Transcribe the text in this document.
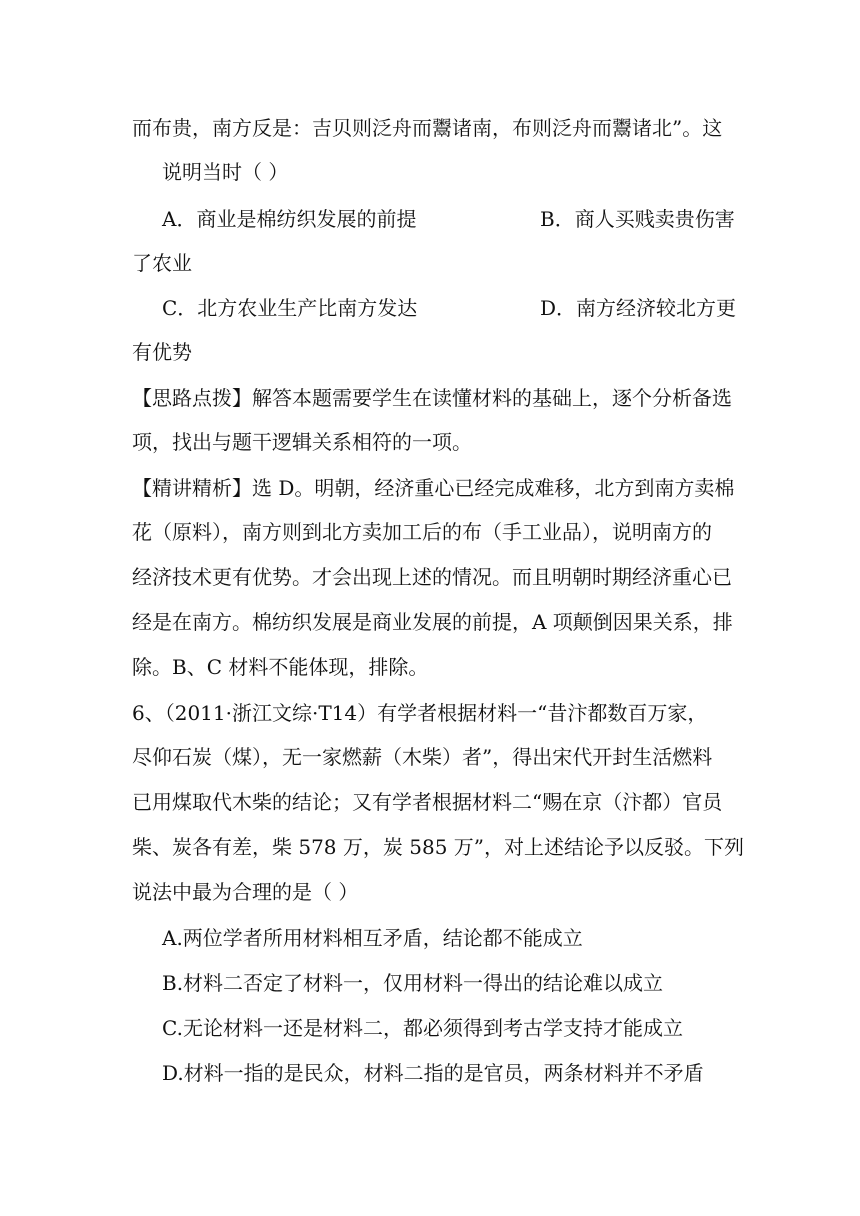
而布贵，南方反是：吉贝则泛舟而鬻诸南，布则泛舟而鬻诸北”。这
说明当时（ ）
A．商业是棉纺织发展的前提	B．商人买贱卖贵伤害
了农业
C．北方农业生产比南方发达	D．南方经济较北方更
有优势
【思路点拨】解答本题需要学生在读懂材料的基础上，逐个分析备选
项，找出与题干逻辑关系相符的一项。
【精讲精析】选 D。明朝，经济重心已经完成难移，北方到南方卖棉
花（原料），南方则到北方卖加工后的布（手工业品），说明南方的
经济技术更有优势。才会出现上述的情况。而且明朝时期经济重心已
经是在南方。棉纺织发展是商业发展的前提，A 项颠倒因果关系，排
除。B、C 材料不能体现，排除。
6、（2011·浙江文综·T14）有学者根据材料一“昔汴都数百万家，
尽仰石炭（煤），无一家燃薪（木柴）者”，得出宋代开封生活燃料
已用煤取代木柴的结论；又有学者根据材料二“赐在京（汴都）官员
柴、炭各有差，柴 578 万，炭 585 万”，对上述结论予以反驳。下列
说法中最为合理的是（ ）
A.两位学者所用材料相互矛盾，结论都不能成立
B.材料二否定了材料一，仅用材料一得出的结论难以成立
C.无论材料一还是材料二，都必须得到考古学支持才能成立
D.材料一指的是民众，材料二指的是官员，两条材料并不矛盾
